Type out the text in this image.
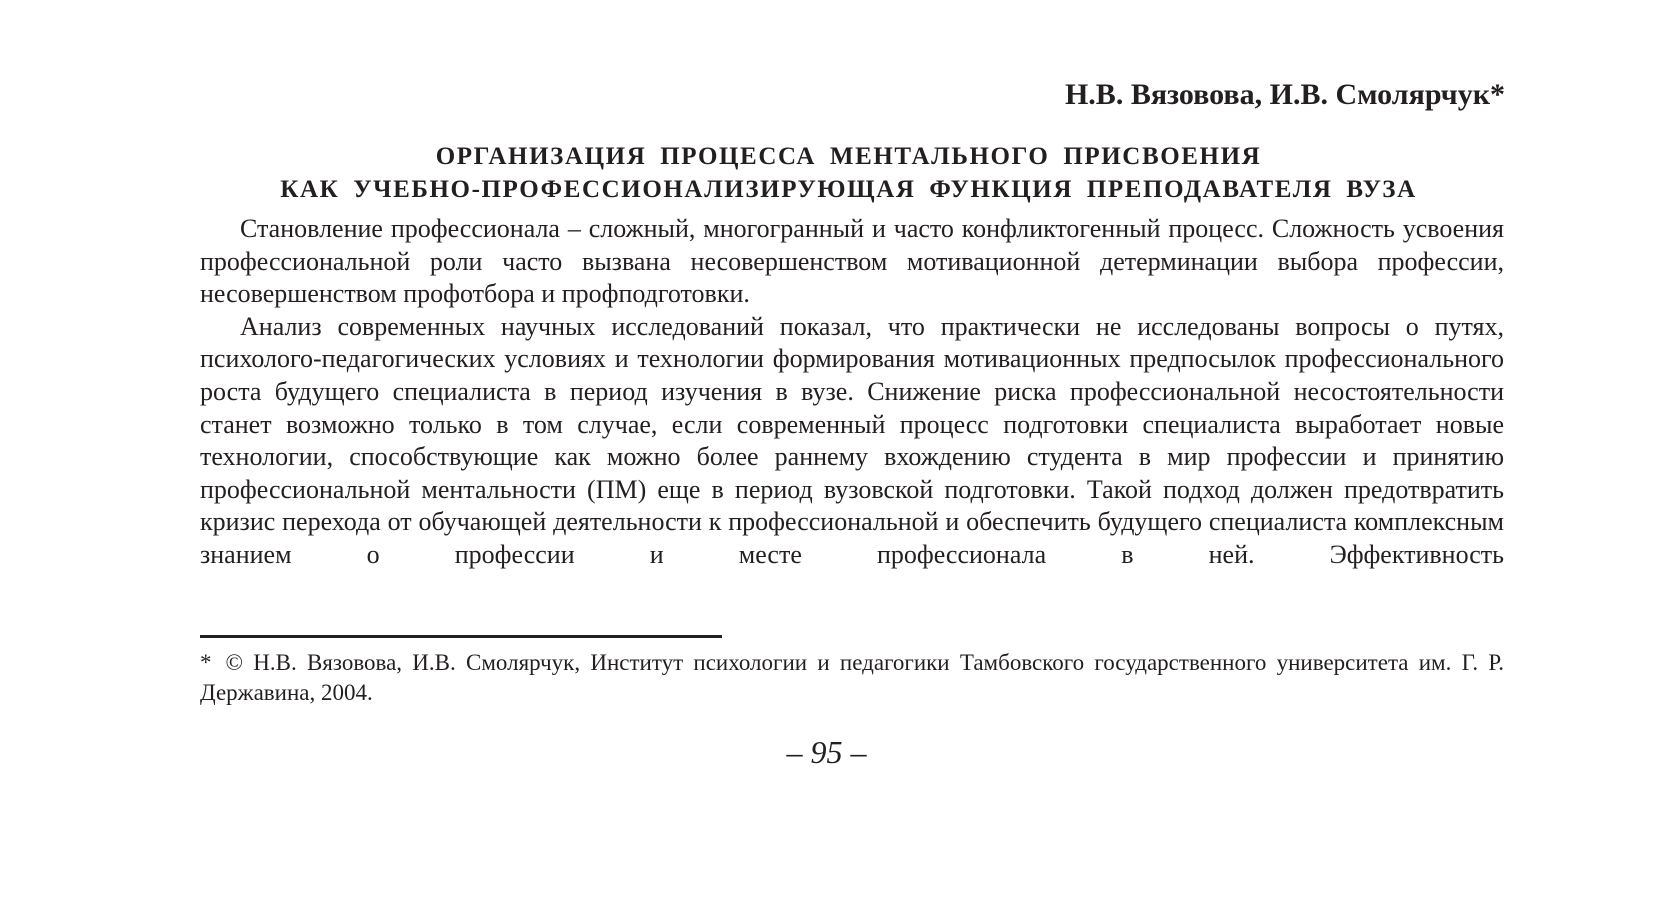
Н.В. Вязовова, И.В. Смолярчук*
ОРГАНИЗАЦИЯ ПРОЦЕССА МЕНТАЛЬНОГО ПРИСВОЕНИЯ
КАК УЧЕБНО-ПРОФЕССИОНАЛИЗИРУЮЩАЯ ФУНКЦИЯ ПРЕПОДАВАТЕЛЯ ВУЗА

Становление профессионала – сложный, многогранный и часто конфликтогенный процесс. Сложность усвоения профессиональной роли часто вызвана несовершенством мотивационной детерминации выбора профессии, несовершенством профотбора и профподготовки.

Анализ современных научных исследований показал, что практически не исследованы вопросы о путях, психолого-педагогических условиях и технологии формирования мотивационных предпосылок профессионального роста будущего специалиста в период изучения в вузе. Снижение риска профессиональной несостоятельности станет возможно только в том случае, если современный процесс подготовки специалиста выработает новые технологии, способствующие как можно более раннему вхождению студента в мир профессии и принятию профессиональной ментальности (ПМ) еще в период вузовской подготовки. Такой подход должен предотвратить кризис перехода от обучающей деятельности к профессиональной и обеспечить будущего специалиста комплексным знанием о профессии и месте профессионала в ней. Эффективность

* © Н.В. Вязовова, И.В. Смолярчук, Институт психологии и педагогики Тамбовского государственного университета им. Г. Р. Державина, 2004.
– 95 –
